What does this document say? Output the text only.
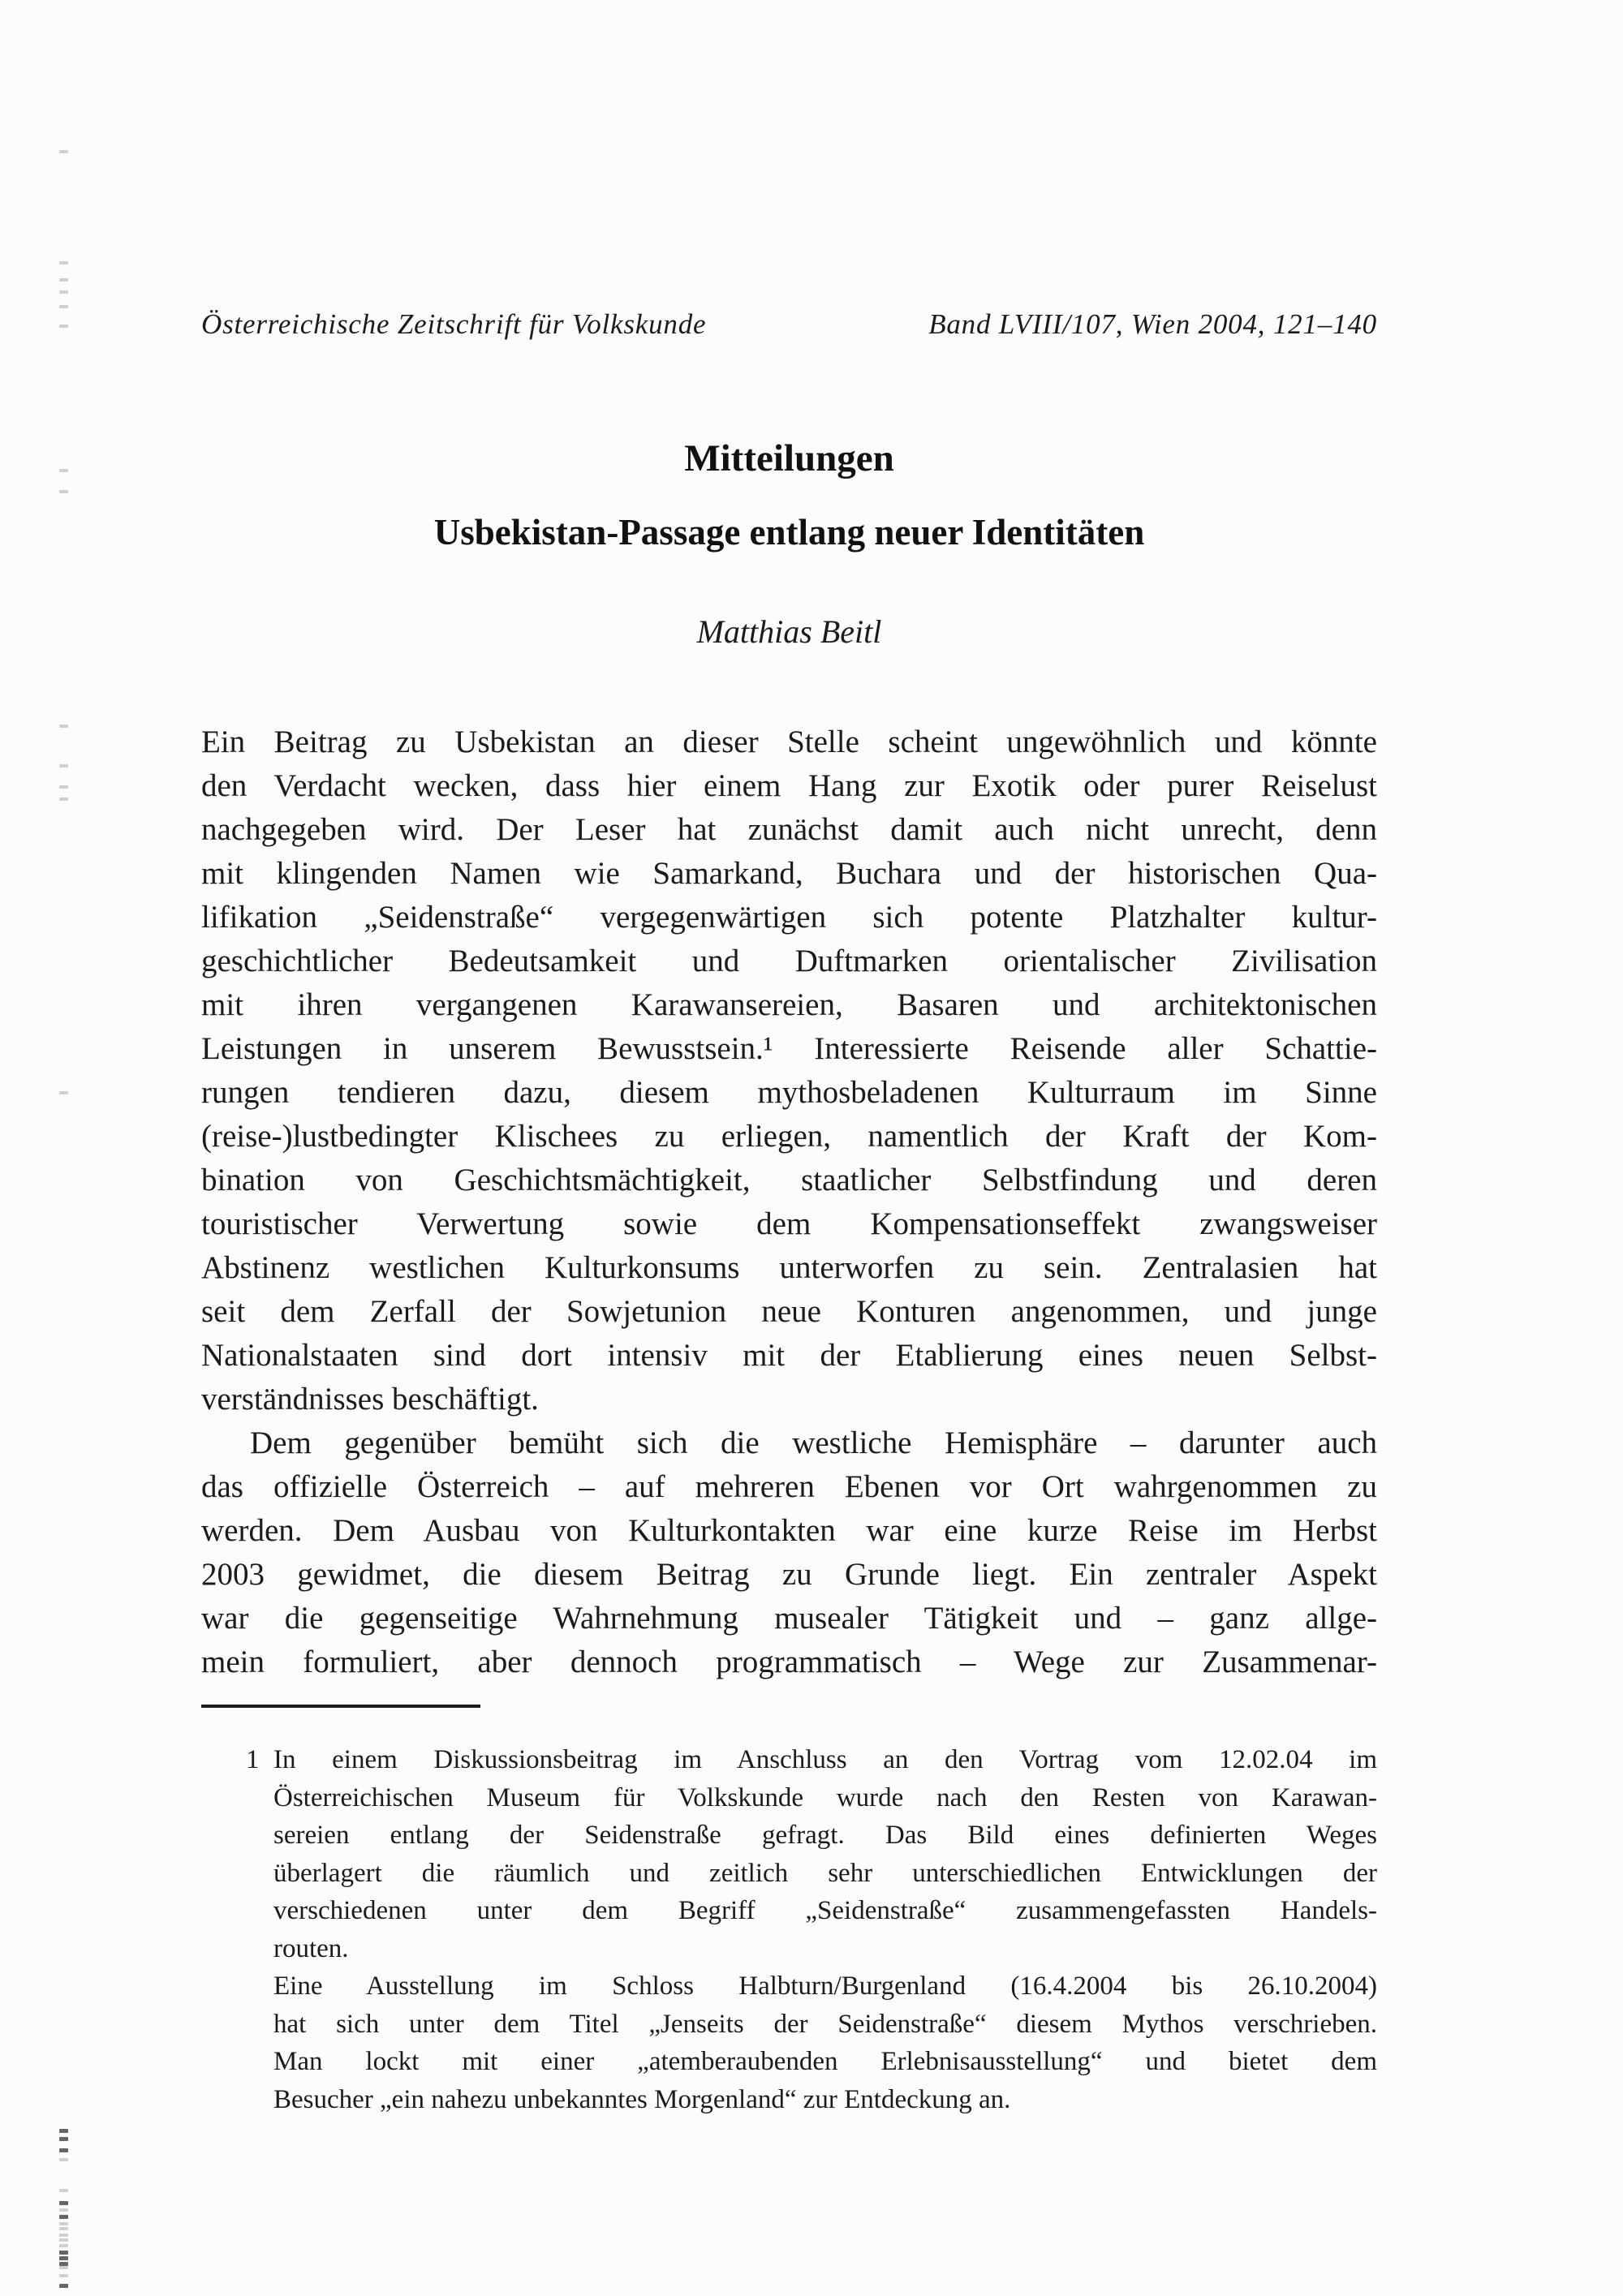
Österreichische Zeitschrift für Volkskunde	Band LVIII/107, Wien 2004, 121–140
Mitteilungen
Usbekistan-Passage entlang neuer Identitäten
Matthias Beitl
Ein Beitrag zu Usbekistan an dieser Stelle scheint ungewöhnlich und könnte
den Verdacht wecken, dass hier einem Hang zur Exotik oder purer Reiselust
nachgegeben wird. Der Leser hat zunächst damit auch nicht unrecht, denn
mit klingenden Namen wie Samarkand, Buchara und der historischen Qua-
lifikation „Seidenstraße“ vergegenwärtigen sich potente Platzhalter kultur-
geschichtlicher Bedeutsamkeit und Duftmarken orientalischer Zivilisation
mit ihren vergangenen Karawansereien, Basaren und architektonischen
Leistungen in unserem Bewusstsein.¹ Interessierte Reisende aller Schattie-
rungen tendieren dazu, diesem mythosbeladenen Kulturraum im Sinne
(reise-)lustbedingter Klischees zu erliegen, namentlich der Kraft der Kom-
bination von Geschichtsmächtigkeit, staatlicher Selbstfindung und deren
touristischer Verwertung sowie dem Kompensationseffekt zwangsweiser
Abstinenz westlichen Kulturkonsums unterworfen zu sein. Zentralasien hat
seit dem Zerfall der Sowjetunion neue Konturen angenommen, und junge
Nationalstaaten sind dort intensiv mit der Etablierung eines neuen Selbst-
verständnisses beschäftigt.
Dem gegenüber bemüht sich die westliche Hemisphäre – darunter auch
das offizielle Österreich – auf mehreren Ebenen vor Ort wahrgenommen zu
werden. Dem Ausbau von Kulturkontakten war eine kurze Reise im Herbst
2003 gewidmet, die diesem Beitrag zu Grunde liegt. Ein zentraler Aspekt
war die gegenseitige Wahrnehmung musealer Tätigkeit und – ganz allge-
mein formuliert, aber dennoch programmatisch – Wege zur Zusammenar-
1 In einem Diskussionsbeitrag im Anschluss an den Vortrag vom 12.02.04 im
Österreichischen Museum für Volkskunde wurde nach den Resten von Karawan-
sereien entlang der Seidenstraße gefragt. Das Bild eines definierten Weges
überlagert die räumlich und zeitlich sehr unterschiedlichen Entwicklungen der
verschiedenen unter dem Begriff „Seidenstraße“ zusammengefassten Handels-
routen.
Eine Ausstellung im Schloss Halbturn/Burgenland (16.4.2004 bis 26.10.2004)
hat sich unter dem Titel „Jenseits der Seidenstraße“ diesem Mythos verschrieben.
Man lockt mit einer „atemberaubenden Erlebnisausstellung“ und bietet dem
Besucher „ein nahezu unbekanntes Morgenland“ zur Entdeckung an.
